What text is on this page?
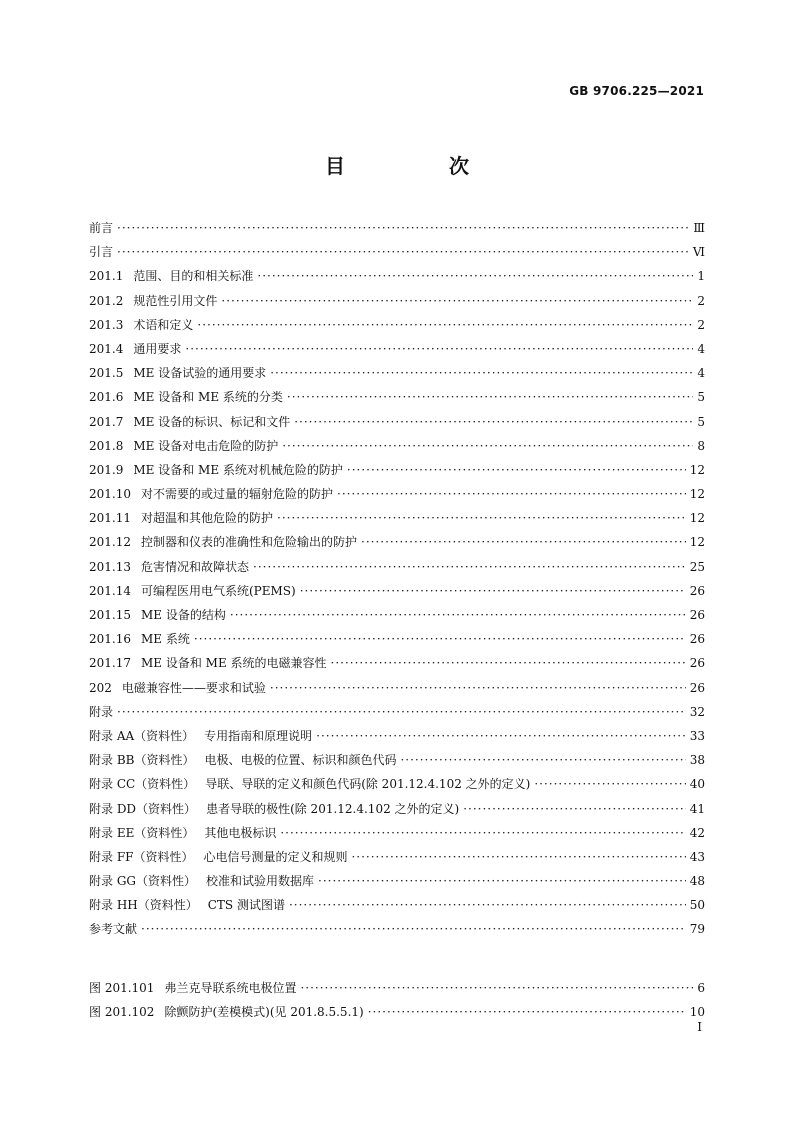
GB 9706.225—2021
目　次
前言 ·····	Ⅲ
引言 ·····	Ⅵ
201.1 范围、目的和相关标准 ·····	1
201.2 规范性引用文件 ·····	2
201.3 术语和定义 ·····	2
201.4 通用要求 ·····	4
201.5 ME 设备试验的通用要求 ·····	4
201.6 ME 设备和 ME 系统的分类 ·····	5
201.7 ME 设备的标识、标记和文件 ·····	5
201.8 ME 设备对电击危险的防护 ·····	8
201.9 ME 设备和 ME 系统对机械危险的防护 ·····	12
201.10 对不需要的或过量的辐射危险的防护 ·····	12
201.11 对超温和其他危险的防护 ·····	12
201.12 控制器和仪表的准确性和危险输出的防护 ·····	12
201.13 危害情况和故障状态 ·····	25
201.14 可编程医用电气系统(PEMS) ·····	26
201.15 ME 设备的结构 ·····	26
201.16 ME 系统 ·····	26
201.17 ME 设备和 ME 系统的电磁兼容性 ·····	26
202 电磁兼容性——要求和试验 ·····	26
附录 ·····	32
附录 AA（资料性） 专用指南和原理说明 ·····	33
附录 BB（资料性） 电极、电极的位置、标识和颜色代码 ·····	38
附录 CC（资料性） 导联、导联的定义和颜色代码(除 201.12.4.102 之外的定义) ·····	40
附录 DD（资料性） 患者导联的极性(除 201.12.4.102 之外的定义) ·····	41
附录 EE（资料性） 其他电极标识 ·····	42
附录 FF（资料性） 心电信号测量的定义和规则 ·····	43
附录 GG（资料性） 校准和试验用数据库 ·····	48
附录 HH（资料性） CTS 测试图谱 ·····	50
参考文献 ·····	79
图 201.101 弗兰克导联系统电极位置 ·····	6
图 201.102 除颤防护(差模模式)(见 201.8.5.5.1) ·····	10
I
